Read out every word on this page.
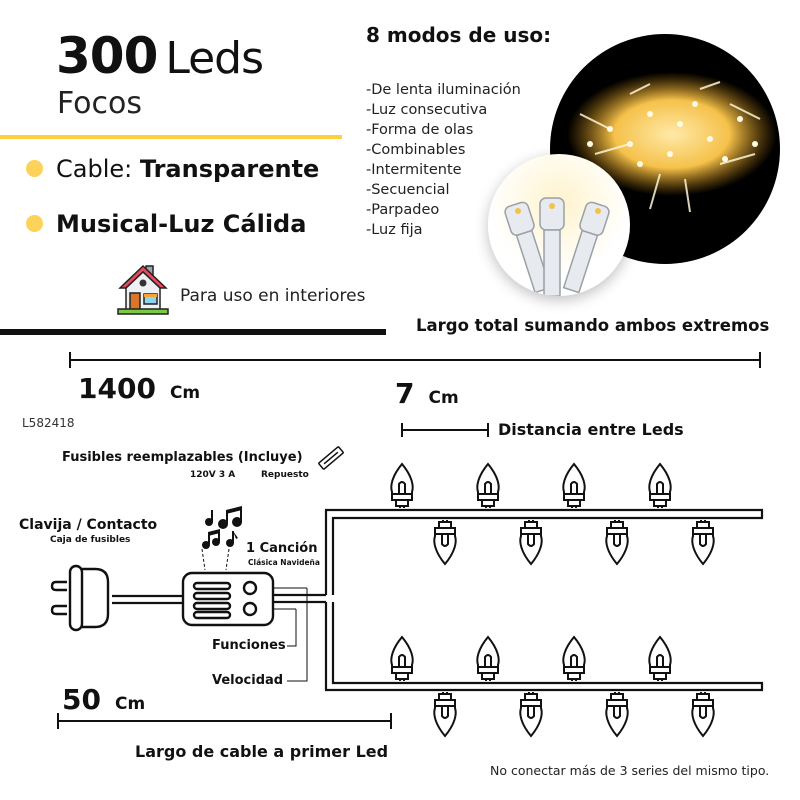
300 Leds
Focos
Cable: Transparente
Musical-Luz Cálida
Para uso en interiores
8 modos de uso:
-De lenta iluminación
-Luz consecutiva
-Forma de olas
-Combinables
-Intermitente
-Secuencial
-Parpadeo
-Luz fija
Largo total sumando ambos extremos
1400 Cm
L582418
7 Cm
Distancia entre Leds
Fusibles reemplazables (Incluye)
120V 3 A	Repuesto
Clavija / Contacto
Caja de fusibles
1 Canción
Clásica Navideña
Funciones
Velocidad
50 Cm
Largo de cable a primer Led
No conectar más de 3 series del mismo tipo.
